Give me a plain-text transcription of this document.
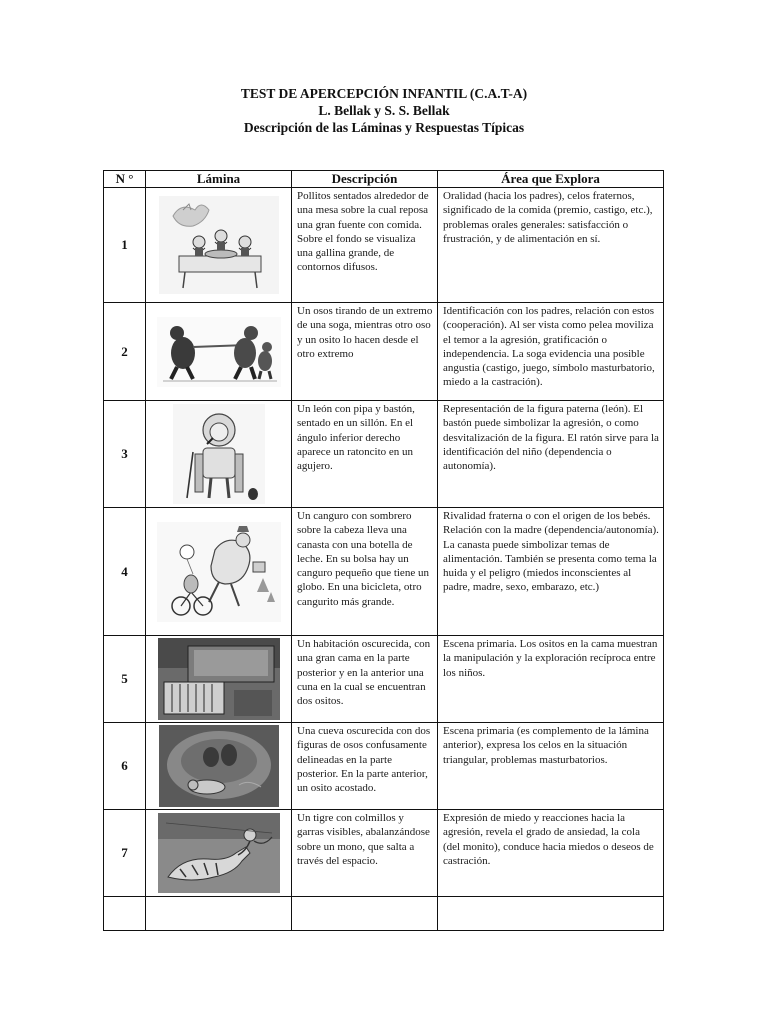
TEST DE APERCEPCIÓN INFANTIL (C.A.T-A)
L. Bellak y S. S. Bellak
Descripción de las Láminas y Respuestas Típicas
N °	Lámina	Descripción	Área que Explora
1		Pollitos sentados alrededor de una mesa sobre la cual reposa una gran fuente con comida. Sobre el fondo se visualiza una gallina grande, de contornos difusos.	Oralidad (hacia los padres), celos fraternos, significado de la comida (premio, castigo, etc.), problemas orales generales: satisfacción o frustración, y de alimentación en sí.

2		Un osos tirando de un extremo de una soga, mientras otro oso y un osito lo hacen desde el otro extremo	Identificación con los padres, relación con estos (cooperación). Al ser vista como pelea moviliza el temor a la agresión, gratificación o independencia. La soga evidencia una posible angustia (castigo, juego, símbolo masturbatorio, miedo a la castración).

3		Un león con pipa y bastón, sentado en un sillón. En el ángulo inferior derecho aparece un ratoncito en un agujero.	Representación de la figura paterna (león). El bastón puede simbolizar la agresión, o como desvitalización de la figura. El ratón sirve para la identificación del niño (dependencia o autonomía).

4		Un canguro con sombrero sobre la cabeza lleva una canasta con una botella de leche. En su bolsa hay un canguro pequeño que tiene un globo. En una bicicleta, otro cangurito más grande.	Rivalidad fraterna o con el origen de los bebés. Relación con la madre (dependencia/autonomía). La canasta puede simbolizar temas de alimentación. También se presenta como tema la huida y el peligro (miedos inconscientes al padre, madre, sexo, embarazo, etc.)

5		Un habitación oscurecida, con una gran cama en la parte posterior y en la anterior una cuna en la cual se encuentran dos ositos.	Escena primaria. Los ositos en la cama muestran la manipulación y la exploración recíproca entre los niños.

6		Una cueva oscurecida con dos figuras de osos confusamente delineadas en la parte posterior. En la parte anterior, un osito acostado.	Escena primaria (es complemento de la lámina anterior), expresa los celos en la situación triangular, problemas masturbatorios.

7		Un tigre con colmillos y garras visibles, abalanzándose sobre un mono, que salta a través del espacio.	Expresión de miedo y reacciones hacia la agresión, revela el grado de ansiedad, la cola (del monito), conduce hacia miedos o deseos de castración.
